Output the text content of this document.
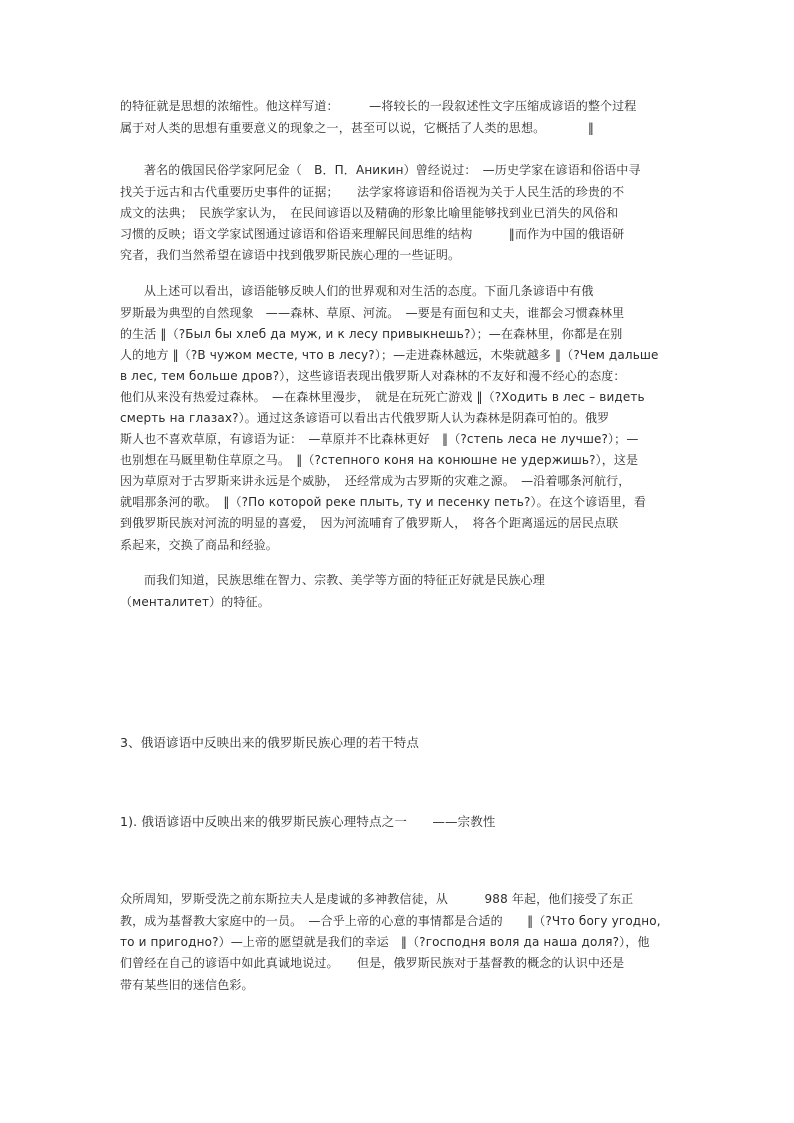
的特征就是思想的浓缩性。他这样写道：　　　—将较长的一段叙述性文字压缩成谚语的整个过程
属于对人类的思想有重要意义的现象之一，甚至可以说，它概括了人类的思想。　　　　‖
著名的俄国民俗学家阿尼金（　В．П．Аникин）曾经说过：　—历史学家在谚语和俗语中寻
找关于远古和古代重要历史事件的证据；　　法学家将谚语和俗语视为关于人民生活的珍贵的不
成文的法典；　民族学家认为，　在民间谚语以及精确的形象比喻里能够找到业已消失的风俗和
习惯的反映；语文学家试图通过谚语和俗语来理解民间思维的结构　　　‖而作为中国的俄语研
究者，我们当然希望在谚语中找到俄罗斯民族心理的一些证明。
从上述可以看出，谚语能够反映人们的世界观和对生活的态度。下面几条谚语中有俄
罗斯最为典型的自然现象　——森林、草原、河流。　—要是有面包和丈夫，谁都会习惯森林里
的生活 ‖（?Был бы хлеб да муж, и к лесу привыкнешь?）；—在森林里，你都是在别
人的地方 ‖（?В чужом месте, что в лесу?）；—走进森林越远，木柴就越多 ‖（?Чем дальше
в лес, тем больше дров?），这些谚语表现出俄罗斯人对森林的不友好和漫不经心的态度：
他们从来没有热爱过森林。　—在森林里漫步，　就是在玩死亡游戏 ‖（?Ходить в лес – видеть
смерть на глазах?）。通过这条谚语可以看出古代俄罗斯人认为森林是阴森可怕的。俄罗
斯人也不喜欢草原，有谚语为证：　—草原并不比森林更好　‖（?степь леса не лучше?）；—
也别想在马厩里勒住草原之马。　‖（?степного коня на конюшне не удержишь?），这是
因为草原对于古罗斯来讲永远是个威胁，　还经常成为古罗斯的灾难之源。　—沿着哪条河航行，
就唱那条河的歌。　‖（?По которой реке плыть, ту и песенку петь?）。在这个谚语里，看
到俄罗斯民族对河流的明显的喜爱，　因为河流哺育了俄罗斯人，　将各个距离遥远的居民点联
系起来，交换了商品和经验。
而我们知道，民族思维在智力、宗教、美学等方面的特征正好就是民族心理
（менталитет）的特征。
3、俄语谚语中反映出来的俄罗斯民族心理的若干特点
1). 俄语谚语中反映出来的俄罗斯民族心理特点之一　　——宗教性
众所周知，罗斯受洗之前东斯拉夫人是虔诚的多神教信徒，从　　　988 年起，他们接受了东正
教，成为基督教大家庭中的一员。　—合乎上帝的心意的事情都是合适的　　‖（?Что богу угодно,
то и пригодно?）—上帝的愿望就是我们的幸运　‖（?господня воля да наша доля?），他
们曾经在自己的谚语中如此真诚地说过。　　但是，俄罗斯民族对于基督教的概念的认识中还是
带有某些旧的迷信色彩。
